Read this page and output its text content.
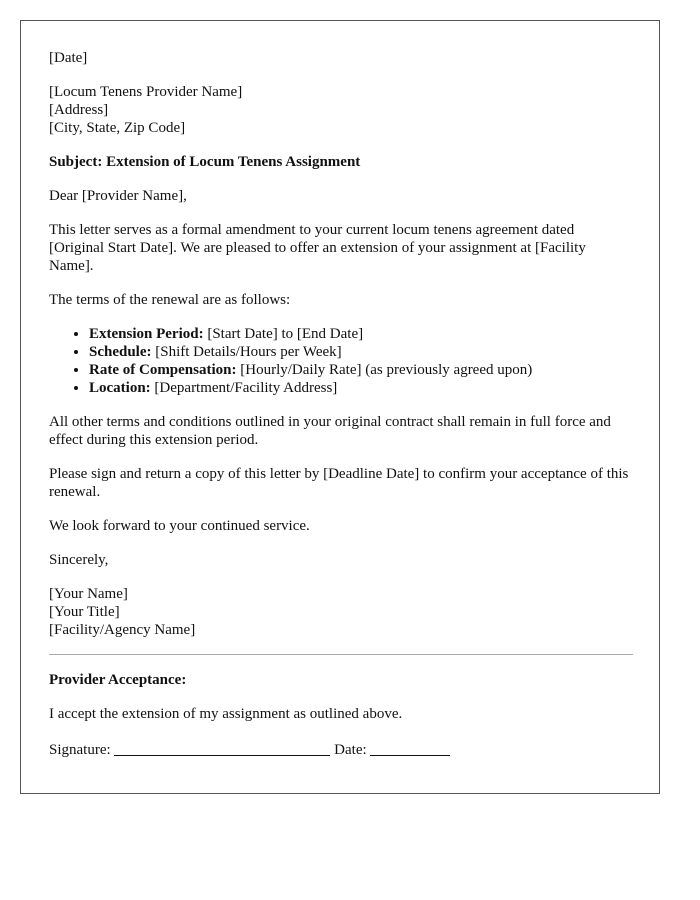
[Date]

[Locum Tenens Provider Name]
[Address]
[City, State, Zip Code]

Subject: Extension of Locum Tenens Assignment

Dear [Provider Name],

This letter serves as a formal amendment to your current locum tenens agreement dated [Original Start Date]. We are pleased to offer an extension of your assignment at [Facility Name].

The terms of the renewal are as follows:

• Extension Period: [Start Date] to [End Date]
• Schedule: [Shift Details/Hours per Week]
• Rate of Compensation: [Hourly/Daily Rate] (as previously agreed upon)
• Location: [Department/Facility Address]

All other terms and conditions outlined in your original contract shall remain in full force and effect during this extension period.

Please sign and return a copy of this letter by [Deadline Date] to confirm your acceptance of this renewal.

We look forward to your continued service.

Sincerely,

[Your Name]
[Your Title]
[Facility/Agency Name]

Provider Acceptance:

I accept the extension of my assignment as outlined above.

Signature:	Date:
